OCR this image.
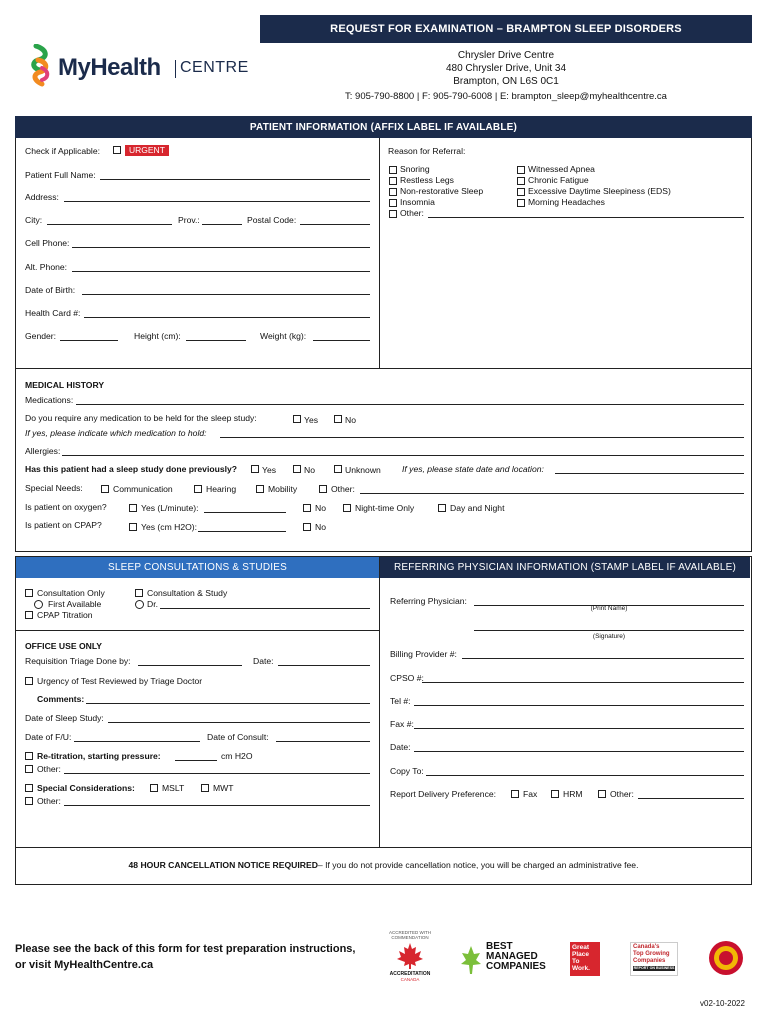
REQUEST FOR EXAMINATION – BRAMPTON SLEEP DISORDERS
MyHealth CENTRE
Chrysler Drive Centre
480 Chrysler Drive, Unit 34
Brampton, ON L6S 0C1
T: 905-790-8800 | F: 905-790-6008 | E: brampton_sleep@myhealthcentre.ca
PATIENT INFORMATION (AFFIX LABEL IF AVAILABLE)
Check if Applicable:	URGENT
Patient Full Name:
Address:
City:	Prov.:	Postal Code:
Cell Phone:
Alt. Phone:
Date of Birth:
Health Card #:
Gender:	Height (cm):	Weight (kg):
Reason for Referral:
Snoring
Restless Legs
Non-restorative Sleep
Insomnia
Other:
Witnessed Apnea
Chronic Fatigue
Excessive Daytime Sleepiness (EDS)
Morning Headaches
MEDICAL HISTORY
Medications:
Do you require any medication to be held for the sleep study:	Yes	No
If yes, please indicate which medication to hold:
Allergies:
Has this patient had a sleep study done previously?	Yes	No	Unknown If yes, please state date and location:
Special Needs:	Communication	Hearing	Mobility	Other:
Is patient on oxygen?	Yes (L/minute):	No	Night-time Only	Day and Night
Is patient on CPAP?	Yes (cm H2O):	No
SLEEP CONSULTATIONS & STUDIES	REFERRING PHYSICIAN INFORMATION (STAMP LABEL IF AVAILABLE)
Consultation Only
First Available
CPAP Titration
Consultation & Study
Dr.
OFFICE USE ONLY
Requisition Triage Done by:	Date:
Urgency of Test Reviewed by Triage Doctor
Comments:
Date of Sleep Study:
Date of F/U:	Date of Consult:
Re-titration, starting pressure:	cm H2O
Other:
Special Considerations:	MSLT	MWT
Other:
Referring Physician:
(Print Name)
(Signature)
Billing Provider #:
CPSO #:
Tel #:
Fax #:
Date:
Copy To:
Report Delivery Preference:	Fax	HRM	Other:
48 HOUR CANCELLATION NOTICE REQUIRED – If you do not provide cancellation notice, you will be charged an administrative fee.
Please see the back of this form for test preparation instructions,
or visit MyHealthCentre.ca
ACCREDITED WITH
COMMENDATION
ACCREDITATION
CANADA
BEST
MANAGED
COMPANIES
Great Place To Work.
Canada's
Top Growing
Companies
REPORT ON BUSINESS
v02-10-2022
